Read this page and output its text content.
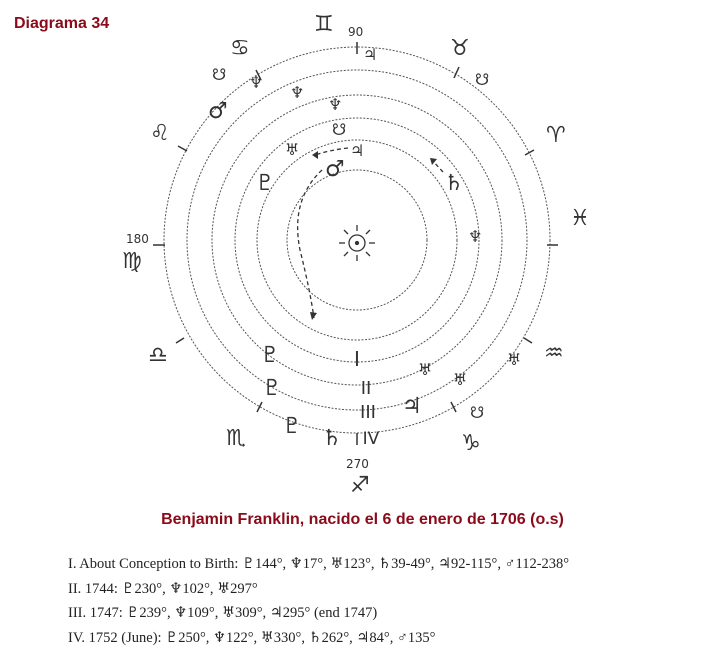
Diagrama 34	90
180
270
♊
♉
♈
♓
♒
♑
♐
♏
♎
♍
♌
♋	♃
☋
☋ ♆
♂
♆
♆
☋
♃
♅
♂
♇	♄
♆
♇
♇
♇ ♄
I
II
III
IV
♅
♃
♅
♅
☋
Benjamin Franklin, nacido el 6 de enero de 1706 (o.s)
I. About Conception to Birth: ♇144°, ♆17°, ♅123°, ♄39-49°, ♃92-115°, ♂112-238°
II. 1744: ♇230°, ♆102°, ♅297°
III. 1747: ♇239°, ♆109°, ♅309°, ♃295° (end 1747)
IV. 1752 (June): ♇250°, ♆122°, ♅330°, ♄262°, ♃84°, ♂135°
